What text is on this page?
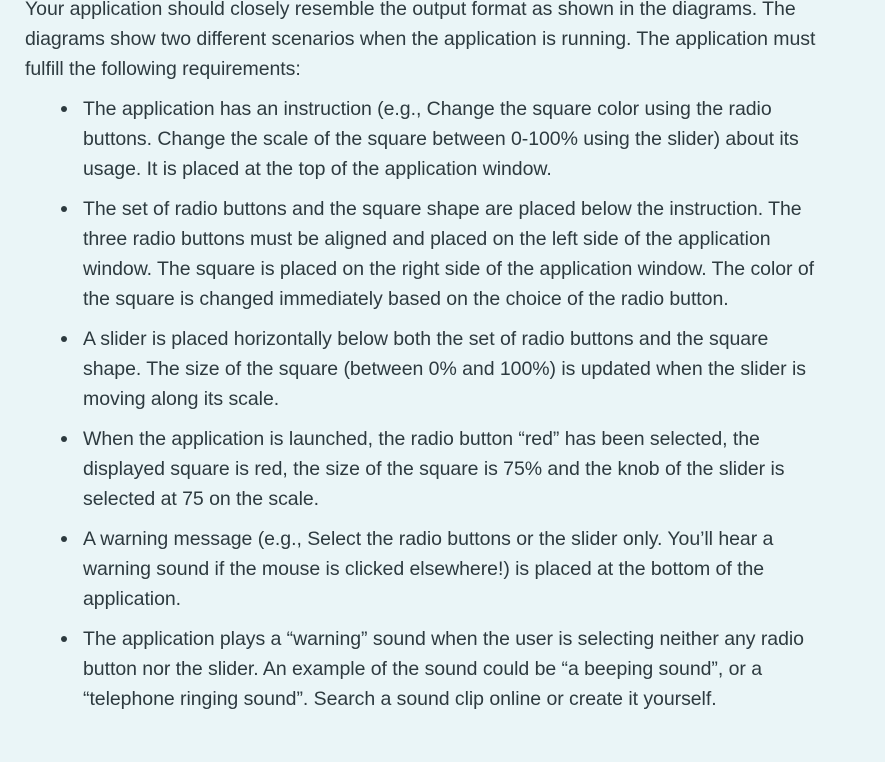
Your application should closely resemble the output format as shown in the diagrams. The diagrams show two different scenarios when the application is running. The application must fulfill the following requirements:

The application has an instruction (e.g., Change the square color using the radio buttons. Change the scale of the square between 0-100% using the slider) about its usage. It is placed at the top of the application window.
The set of radio buttons and the square shape are placed below the instruction. The three radio buttons must be aligned and placed on the left side of the application window. The square is placed on the right side of the application window. The color of the square is changed immediately based on the choice of the radio button.
A slider is placed horizontally below both the set of radio buttons and the square shape. The size of the square (between 0% and 100%) is updated when the slider is moving along its scale.
When the application is launched, the radio button “red” has been selected, the displayed square is red, the size of the square is 75% and the knob of the slider is selected at 75 on the scale.
A warning message (e.g., Select the radio buttons or the slider only. You’ll hear a warning sound if the mouse is clicked elsewhere!) is placed at the bottom of the application.
The application plays a “warning” sound when the user is selecting neither any radio button nor the slider. An example of the sound could be “a beeping sound”, or a “telephone ringing sound”. Search a sound clip online or create it yourself.
